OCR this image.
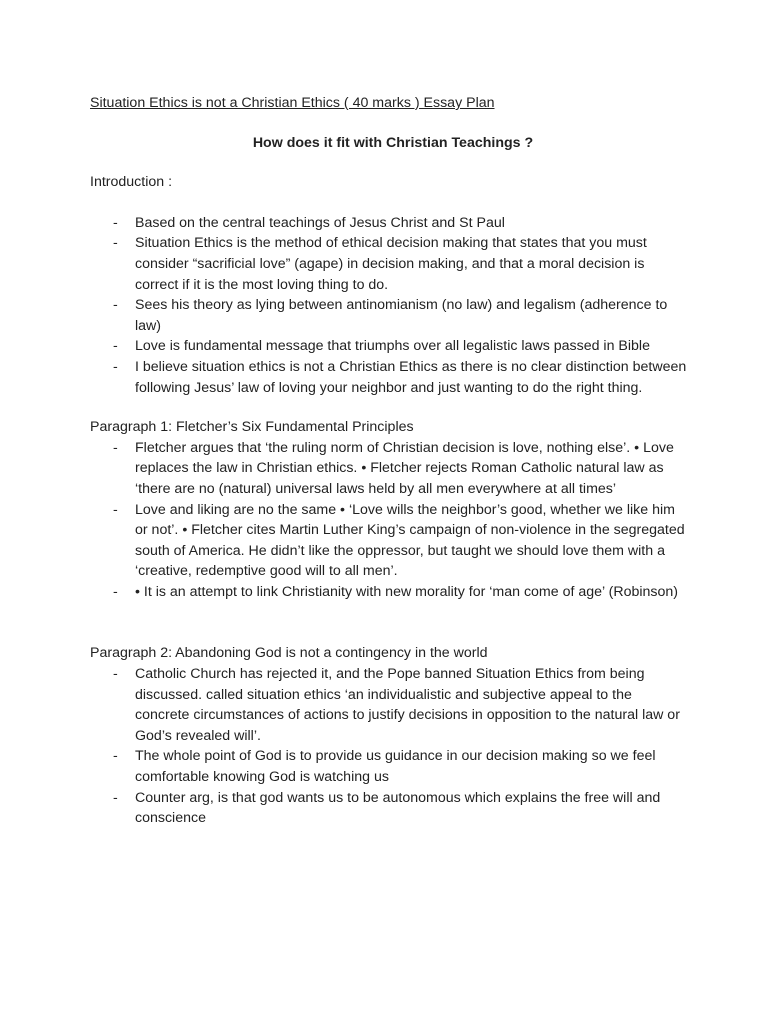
Situation Ethics is not a Christian Ethics ( 40 marks ) Essay Plan

How does it fit with Christian Teachings ?

Introduction :

- Based on the central teachings of Jesus Christ and St Paul
- Situation Ethics is the method of ethical decision making that states that you must consider “sacrificial love” (agape) in decision making, and that a moral decision is correct if it is the most loving thing to do.
- Sees his theory as lying between antinomianism (no law) and legalism (adherence to law)
- Love is fundamental message that triumphs over all legalistic laws passed in Bible
- I believe situation ethics is not a Christian Ethics as there is no clear distinction between following Jesus’ law of loving your neighbor and just wanting to do the right thing.

Paragraph 1: Fletcher’s Six Fundamental Principles

- Fletcher argues that ‘the ruling norm of Christian decision is love, nothing else’. • Love replaces the law in Christian ethics. • Fletcher rejects Roman Catholic natural law as ‘there are no (natural) universal laws held by all men everywhere at all times’
- Love and liking are no the same • ‘Love wills the neighbor’s good, whether we like him or not’. • Fletcher cites Martin Luther King’s campaign of non-violence in the segregated south of America. He didn’t like the oppressor, but taught we should love them with a ‘creative, redemptive good will to all men’.
- • It is an attempt to link Christianity with new morality for ‘man come of age’ (Robinson)

Paragraph 2: Abandoning God is not a contingency in the world

- Catholic Church has rejected it, and the Pope banned Situation Ethics from being discussed. called situation ethics ‘an individualistic and subjective appeal to the concrete circumstances of actions to justify decisions in opposition to the natural law or God’s revealed will’.
- The whole point of God is to provide us guidance in our decision making so we feel comfortable knowing God is watching us
- Counter arg, is that god wants us to be autonomous which explains the free will and conscience
